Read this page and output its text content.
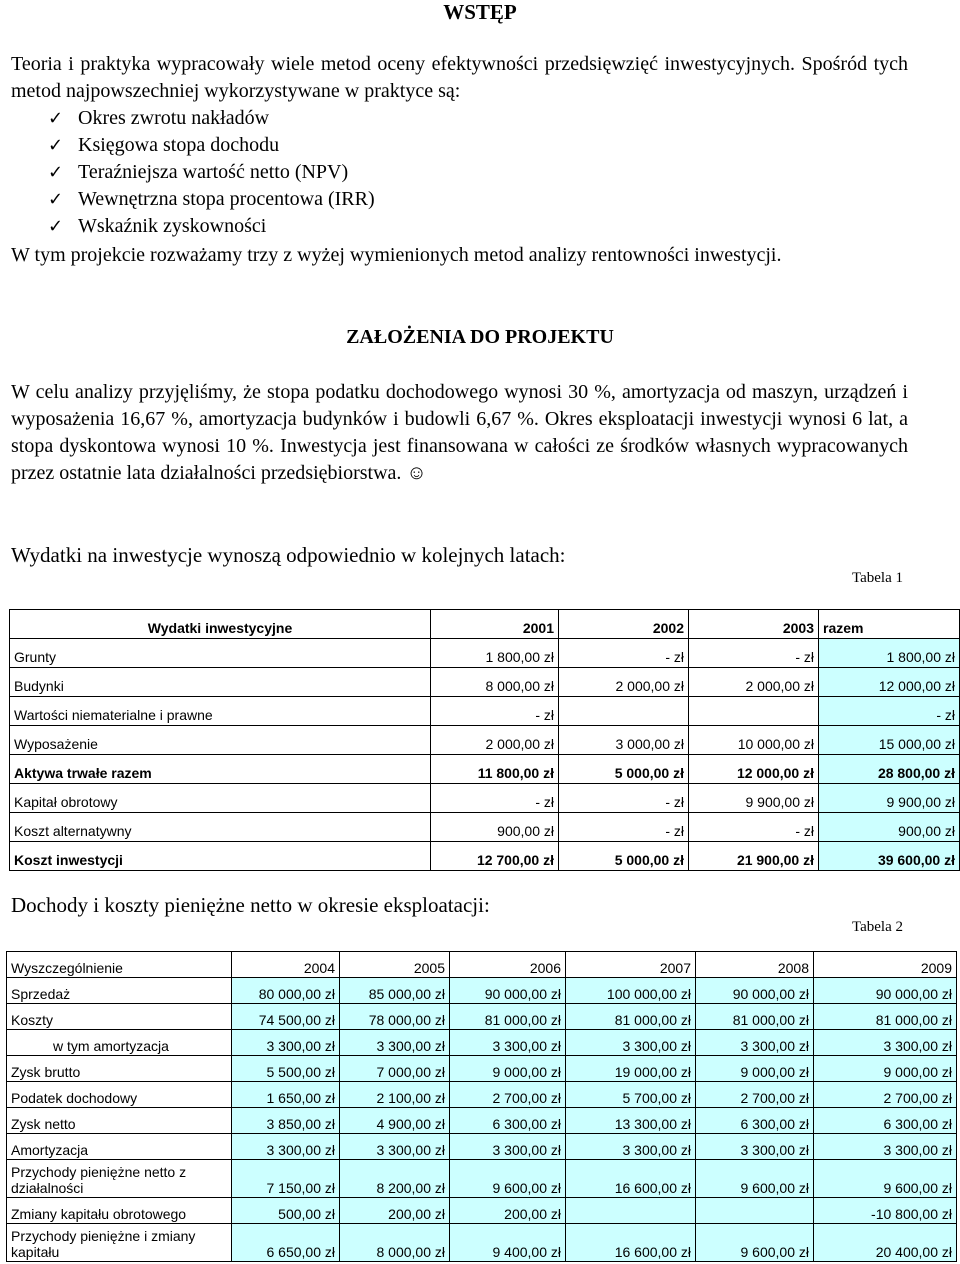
WSTĘP

Teoria i praktyka wypracowały wiele metod oceny efektywności przedsięwzięć inwestycyjnych. Spośród tych metod najpowszechniej wykorzystywane w praktyce są:

✓ Okres zwrotu nakładów
✓ Księgowa stopa dochodu
✓ Teraźniejsza wartość netto (NPV)
✓ Wewnętrzna stopa procentowa (IRR)
✓ Wskaźnik zyskowności
W tym projekcie rozważamy trzy z wyżej wymienionych metod analizy rentowności inwestycji.
ZAŁOŻENIA DO PROJEKTU
W celu analizy przyjęliśmy, że stopa podatku dochodowego wynosi 30 %, amortyzacja od maszyn, urządzeń i wyposażenia 16,67 %, amortyzacja budynków i budowli 6,67 %. Okres eksploatacji inwestycji wynosi 6 lat, a stopa dyskontowa wynosi 10 %. Inwestycja jest finansowana w całości ze środków własnych wypracowanych przez ostatnie lata działalności przedsiębiorstwa. ☺
Wydatki na inwestycje wynoszą odpowiednio w kolejnych latach:
Tabela 1
Wydatki inwestycyjne	2001	2002	2003	razem
Grunty	1 800,00 zł	- zł	- zł	1 800,00 zł
Budynki	8 000,00 zł	2 000,00 zł	2 000,00 zł	12 000,00 zł
Wartości niematerialne i prawne	- zł			- zł
Wyposażenie	2 000,00 zł	3 000,00 zł	10 000,00 zł	15 000,00 zł
Aktywa trwałe razem	11 800,00 zł	5 000,00 zł	12 000,00 zł	28 800,00 zł
Kapitał obrotowy	- zł	- zł	9 900,00 zł	9 900,00 zł
Koszt alternatywny	900,00 zł	- zł	- zł	900,00 zł
Koszt inwestycji	12 700,00 zł	5 000,00 zł	21 900,00 zł	39 600,00 zł
Dochody i koszty pieniężne netto w okresie eksploatacji:
Tabela 2
Wyszczególnienie	2004	2005	2006	2007	2008	2009
Sprzedaż	80 000,00 zł	85 000,00 zł	90 000,00 zł	100 000,00 zł	90 000,00 zł	90 000,00 zł
Koszty	74 500,00 zł	78 000,00 zł	81 000,00 zł	81 000,00 zł	81 000,00 zł	81 000,00 zł
w tym amortyzacja	3 300,00 zł	3 300,00 zł	3 300,00 zł	3 300,00 zł	3 300,00 zł	3 300,00 zł
Zysk brutto	5 500,00 zł	7 000,00 zł	9 000,00 zł	19 000,00 zł	9 000,00 zł	9 000,00 zł
Podatek dochodowy	1 650,00 zł	2 100,00 zł	2 700,00 zł	5 700,00 zł	2 700,00 zł	2 700,00 zł
Zysk netto	3 850,00 zł	4 900,00 zł	6 300,00 zł	13 300,00 zł	6 300,00 zł	6 300,00 zł
Amortyzacja	3 300,00 zł	3 300,00 zł	3 300,00 zł	3 300,00 zł	3 300,00 zł	3 300,00 zł
Przychody pieniężne netto z działalności	7 150,00 zł	8 200,00 zł	9 600,00 zł	16 600,00 zł	9 600,00 zł	9 600,00 zł
Zmiany kapitału obrotowego	500,00 zł	200,00 zł	200,00 zł			-10 800,00 zł
Przychody pieniężne i zmiany kapitału	6 650,00 zł	8 000,00 zł	9 400,00 zł	16 600,00 zł	9 600,00 zł	20 400,00 zł
